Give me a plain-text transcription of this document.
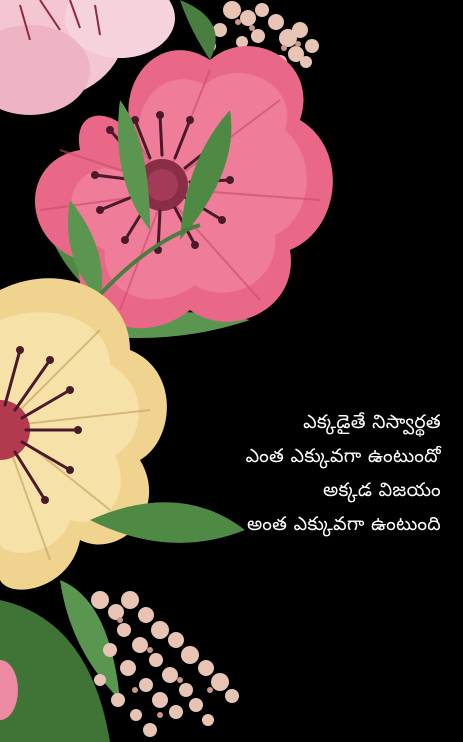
ఎక్కడైతే నిస్వార్థత
ఎంత ఎక్కువగా ఉంటుందో
అక్కడ విజయం
అంత ఎక్కువగా ఉంటుంది
